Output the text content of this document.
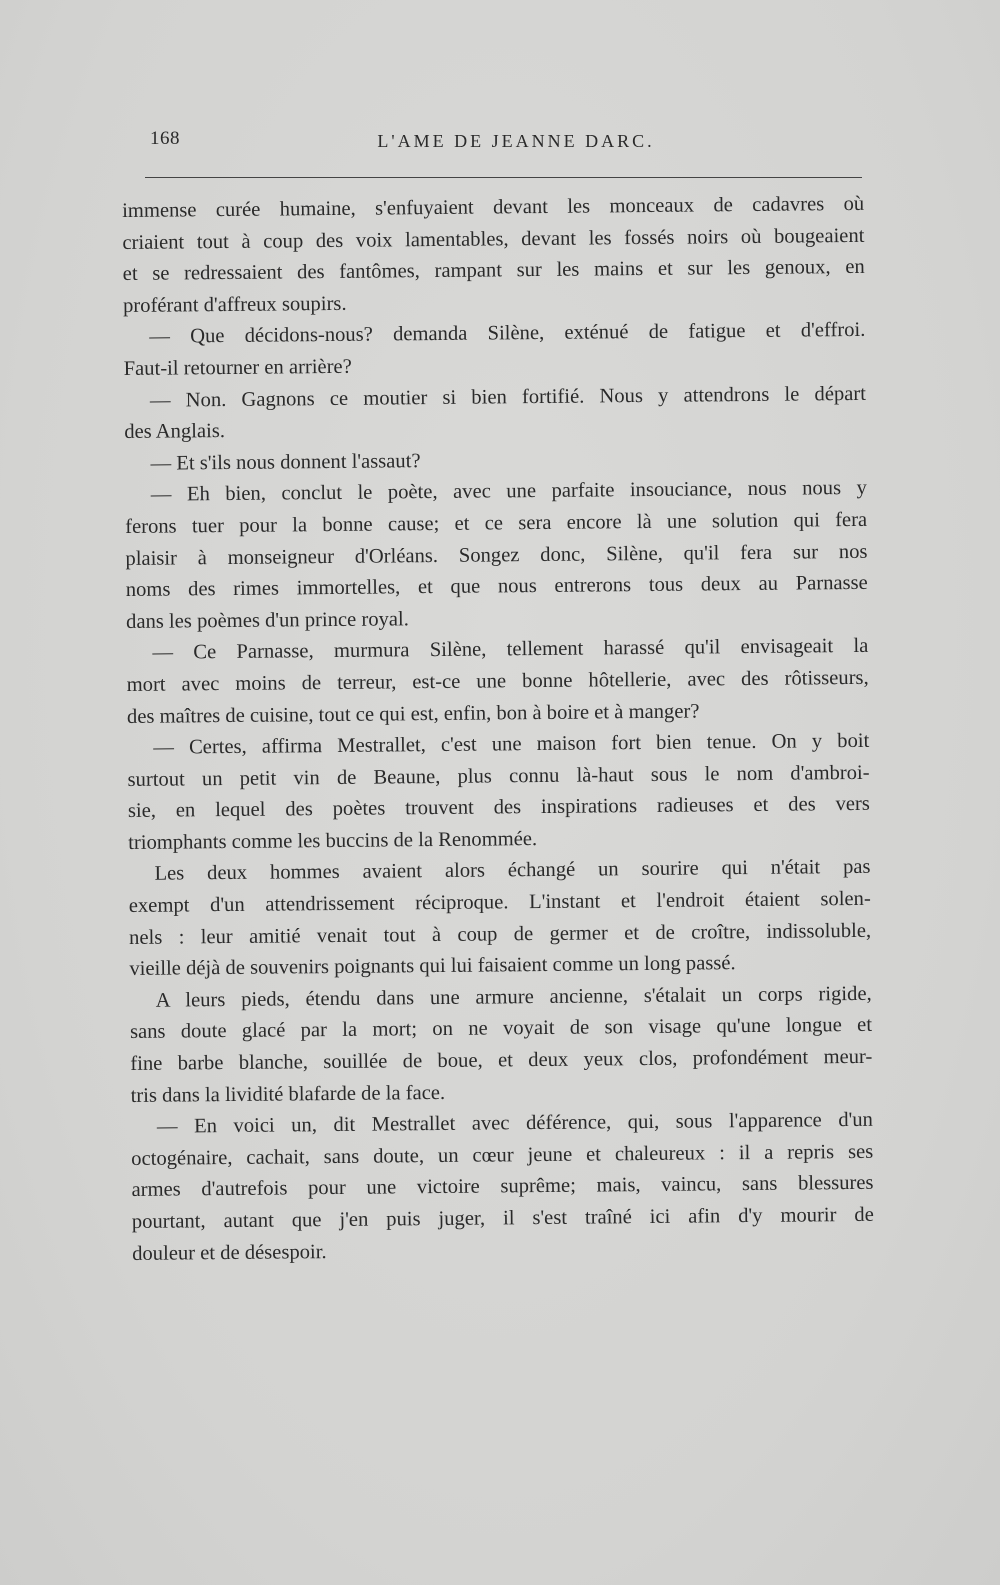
168	L'AME DE JEANNE DARC.
immense curée humaine, s'enfuyaient devant les monceaux de cadavres où
criaient tout à coup des voix lamentables, devant les fossés noirs où bougeaient
et se redressaient des fantômes, rampant sur les mains et sur les genoux, en
proférant d'affreux soupirs.
— Que décidons-nous? demanda Silène, exténué de fatigue et d'effroi.
Faut-il retourner en arrière?
— Non. Gagnons ce moutier si bien fortifié. Nous y attendrons le départ
des Anglais.
— Et s'ils nous donnent l'assaut?
— Eh bien, conclut le poète, avec une parfaite insouciance, nous nous y
ferons tuer pour la bonne cause; et ce sera encore là une solution qui fera
plaisir à monseigneur d'Orléans. Songez donc, Silène, qu'il fera sur nos
noms des rimes immortelles, et que nous entrerons tous deux au Parnasse
dans les poèmes d'un prince royal.
— Ce Parnasse, murmura Silène, tellement harassé qu'il envisageait la
mort avec moins de terreur, est-ce une bonne hôtellerie, avec des rôtisseurs,
des maîtres de cuisine, tout ce qui est, enfin, bon à boire et à manger?
— Certes, affirma Mestrallet, c'est une maison fort bien tenue. On y boit
surtout un petit vin de Beaune, plus connu là-haut sous le nom d'ambroi-
sie, en lequel des poètes trouvent des inspirations radieuses et des vers
triomphants comme les buccins de la Renommée.
Les deux hommes avaient alors échangé un sourire qui n'était pas
exempt d'un attendrissement réciproque. L'instant et l'endroit étaient solen-
nels : leur amitié venait tout à coup de germer et de croître, indissoluble,
vieille déjà de souvenirs poignants qui lui faisaient comme un long passé.
A leurs pieds, étendu dans une armure ancienne, s'étalait un corps rigide,
sans doute glacé par la mort; on ne voyait de son visage qu'une longue et
fine barbe blanche, souillée de boue, et deux yeux clos, profondément meur-
tris dans la lividité blafarde de la face.
— En voici un, dit Mestrallet avec déférence, qui, sous l'apparence d'un
octogénaire, cachait, sans doute, un cœur jeune et chaleureux : il a repris ses
armes d'autrefois pour une victoire suprême; mais, vaincu, sans blessures
pourtant, autant que j'en puis juger, il s'est traîné ici afin d'y mourir de
douleur et de désespoir.
